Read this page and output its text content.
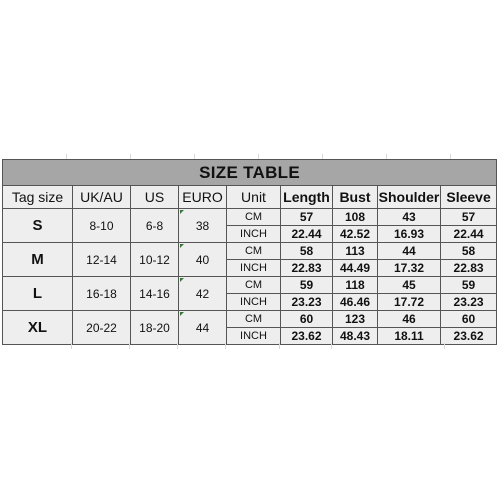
SIZE TABLE								
Tag size	UK/AU	US	EURO	Unit	Length	Bust	Shoulder	Sleeve
S	8-10	6-8	38	CM	57	108	43	57
				INCH	22.44	42.52	16.93	22.44
M	12-14	10-12	40	CM	58	113	44	58
				INCH	22.83	44.49	17.32	22.83
L	16-18	14-16	42	CM	59	118	45	59
				INCH	23.23	46.46	17.72	23.23
XL	20-22	18-20	44	CM	60	123	46	60
				INCH	23.62	48.43	18.11	23.62
